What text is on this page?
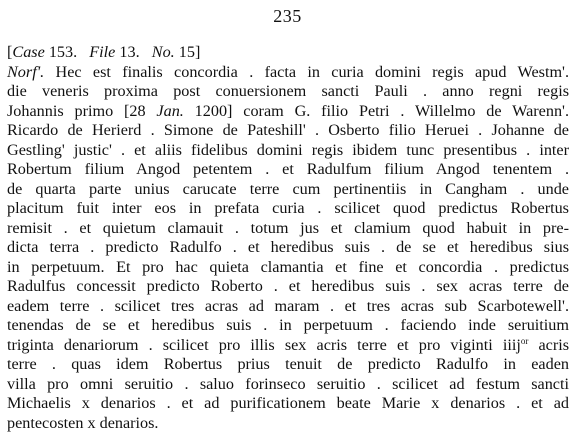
235
[Case 153. File 13. No. 15]
Norf'. Hec est finalis concordia . facta in curia domini regis apud Westm'.
die veneris proxima post conuersionem sancti Pauli . anno regni regis
Johannis primo [28 Jan. 1200] coram G. filio Petri . Willelmo de Warenn'.
Ricardo de Herierd . Simone de Pateshill' . Osberto filio Heruei . Johanne de
Gestling' justic' . et aliis fidelibus domini regis ibidem tunc presentibus . inter
Robertum filium Angod petentem . et Radulfum filium Angod tenentem .
de quarta parte unius carucate terre cum pertinentiis in Cangham . unde
placitum fuit inter eos in prefata curia . scilicet quod predictus Robertus
remisit . et quietum clamauit . totum jus et clamium quod habuit in pre-
dicta terra . predicto Radulfo . et heredibus suis . de se et heredibus sius
in perpetuum. Et pro hac quieta clamantia et fine et concordia . predictus
Radulfus concessit predicto Roberto . et heredibus suis . sex acras terre de
eadem terre . scilicet tres acras ad maram . et tres acras sub Scarbotewell'.
tenendas de se et heredibus suis . in perpetuum . faciendo inde seruitium
triginta denariorum . scilicet pro illis sex acris terre et pro viginti iiij$^{or}$ acris
terre . quas idem Robertus prius tenuit de predicto Radulfo in eaden
villa pro omni seruitio . saluo forinseco seruitio . scilicet ad festum sancti
Michaelis x denarios . et ad purificationem beate Marie x denarios . et ad
pentecosten x denarios.
